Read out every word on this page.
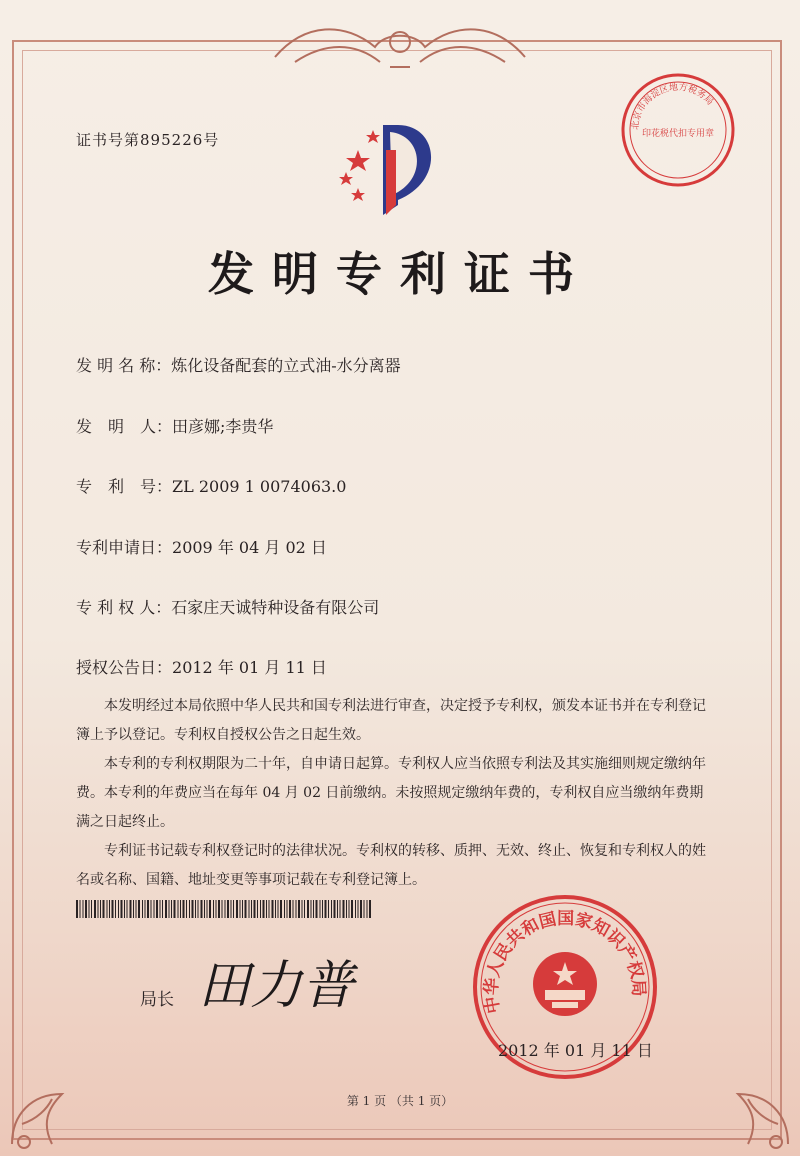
证书号第895226号
北京市海淀区地方税务局
印花税代扣专用章
发明专利证书
发 明 名 称：炼化设备配套的立式油-水分离器
发　明　人：田彦娜;李贵华
专　利　号：ZL 2009 1 0074063.0
专利申请日：2009 年 04 月 02 日
专 利 权 人：石家庄天诚特种设备有限公司
授权公告日：2012 年 01 月 11 日

本发明经过本局依照中华人民共和国专利法进行审查，决定授予专利权，颁发本证书并在专利登记簿上予以登记。专利权自授权公告之日起生效。

本专利的专利权期限为二十年，自申请日起算。专利权人应当依照专利法及其实施细则规定缴纳年费。本专利的年费应当在每年 04 月 02 日前缴纳。未按照规定缴纳年费的，专利权自应当缴纳年费期满之日起终止。

专利证书记载专利权登记时的法律状况。专利权的转移、质押、无效、终止、恢复和专利权人的姓名或名称、国籍、地址变更等事项记载在专利登记簿上。

局长 田力普	中华人民共和国国家知识产权局
2012 年 01 月 11 日
第 1 页 （共 1 页）
